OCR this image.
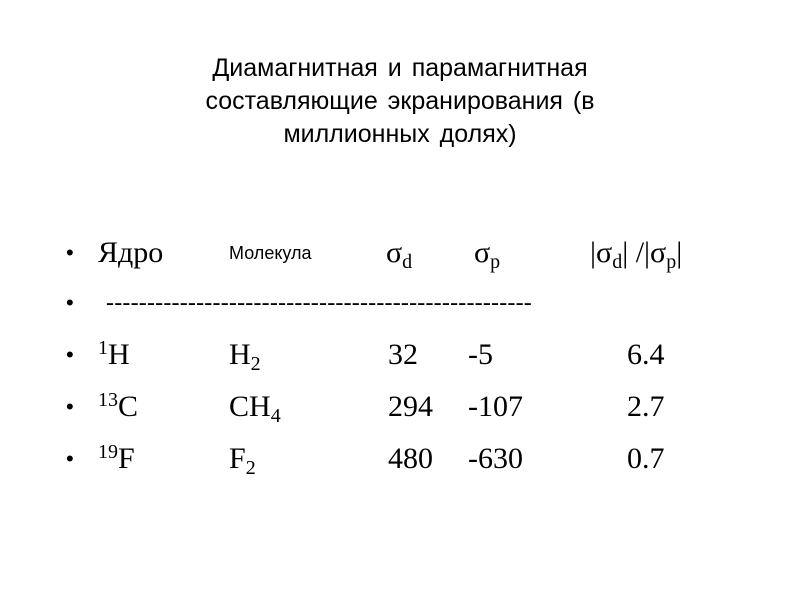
Диамагнитная и парамагнитная
составляющие экранирования (в
миллионных долях)
• Ядро	Молекула $\sigma_d$ $\sigma_p$	$|\sigma_d|$ $/|\sigma_p|$
• ----------------------------------------------------
• $^1$H	$H_2$	32 -5	6.4
• $^{13}$C	$CH_4$	294 -107	2.7
• $^{19}$F	$F_2$	480 -630	0.7
